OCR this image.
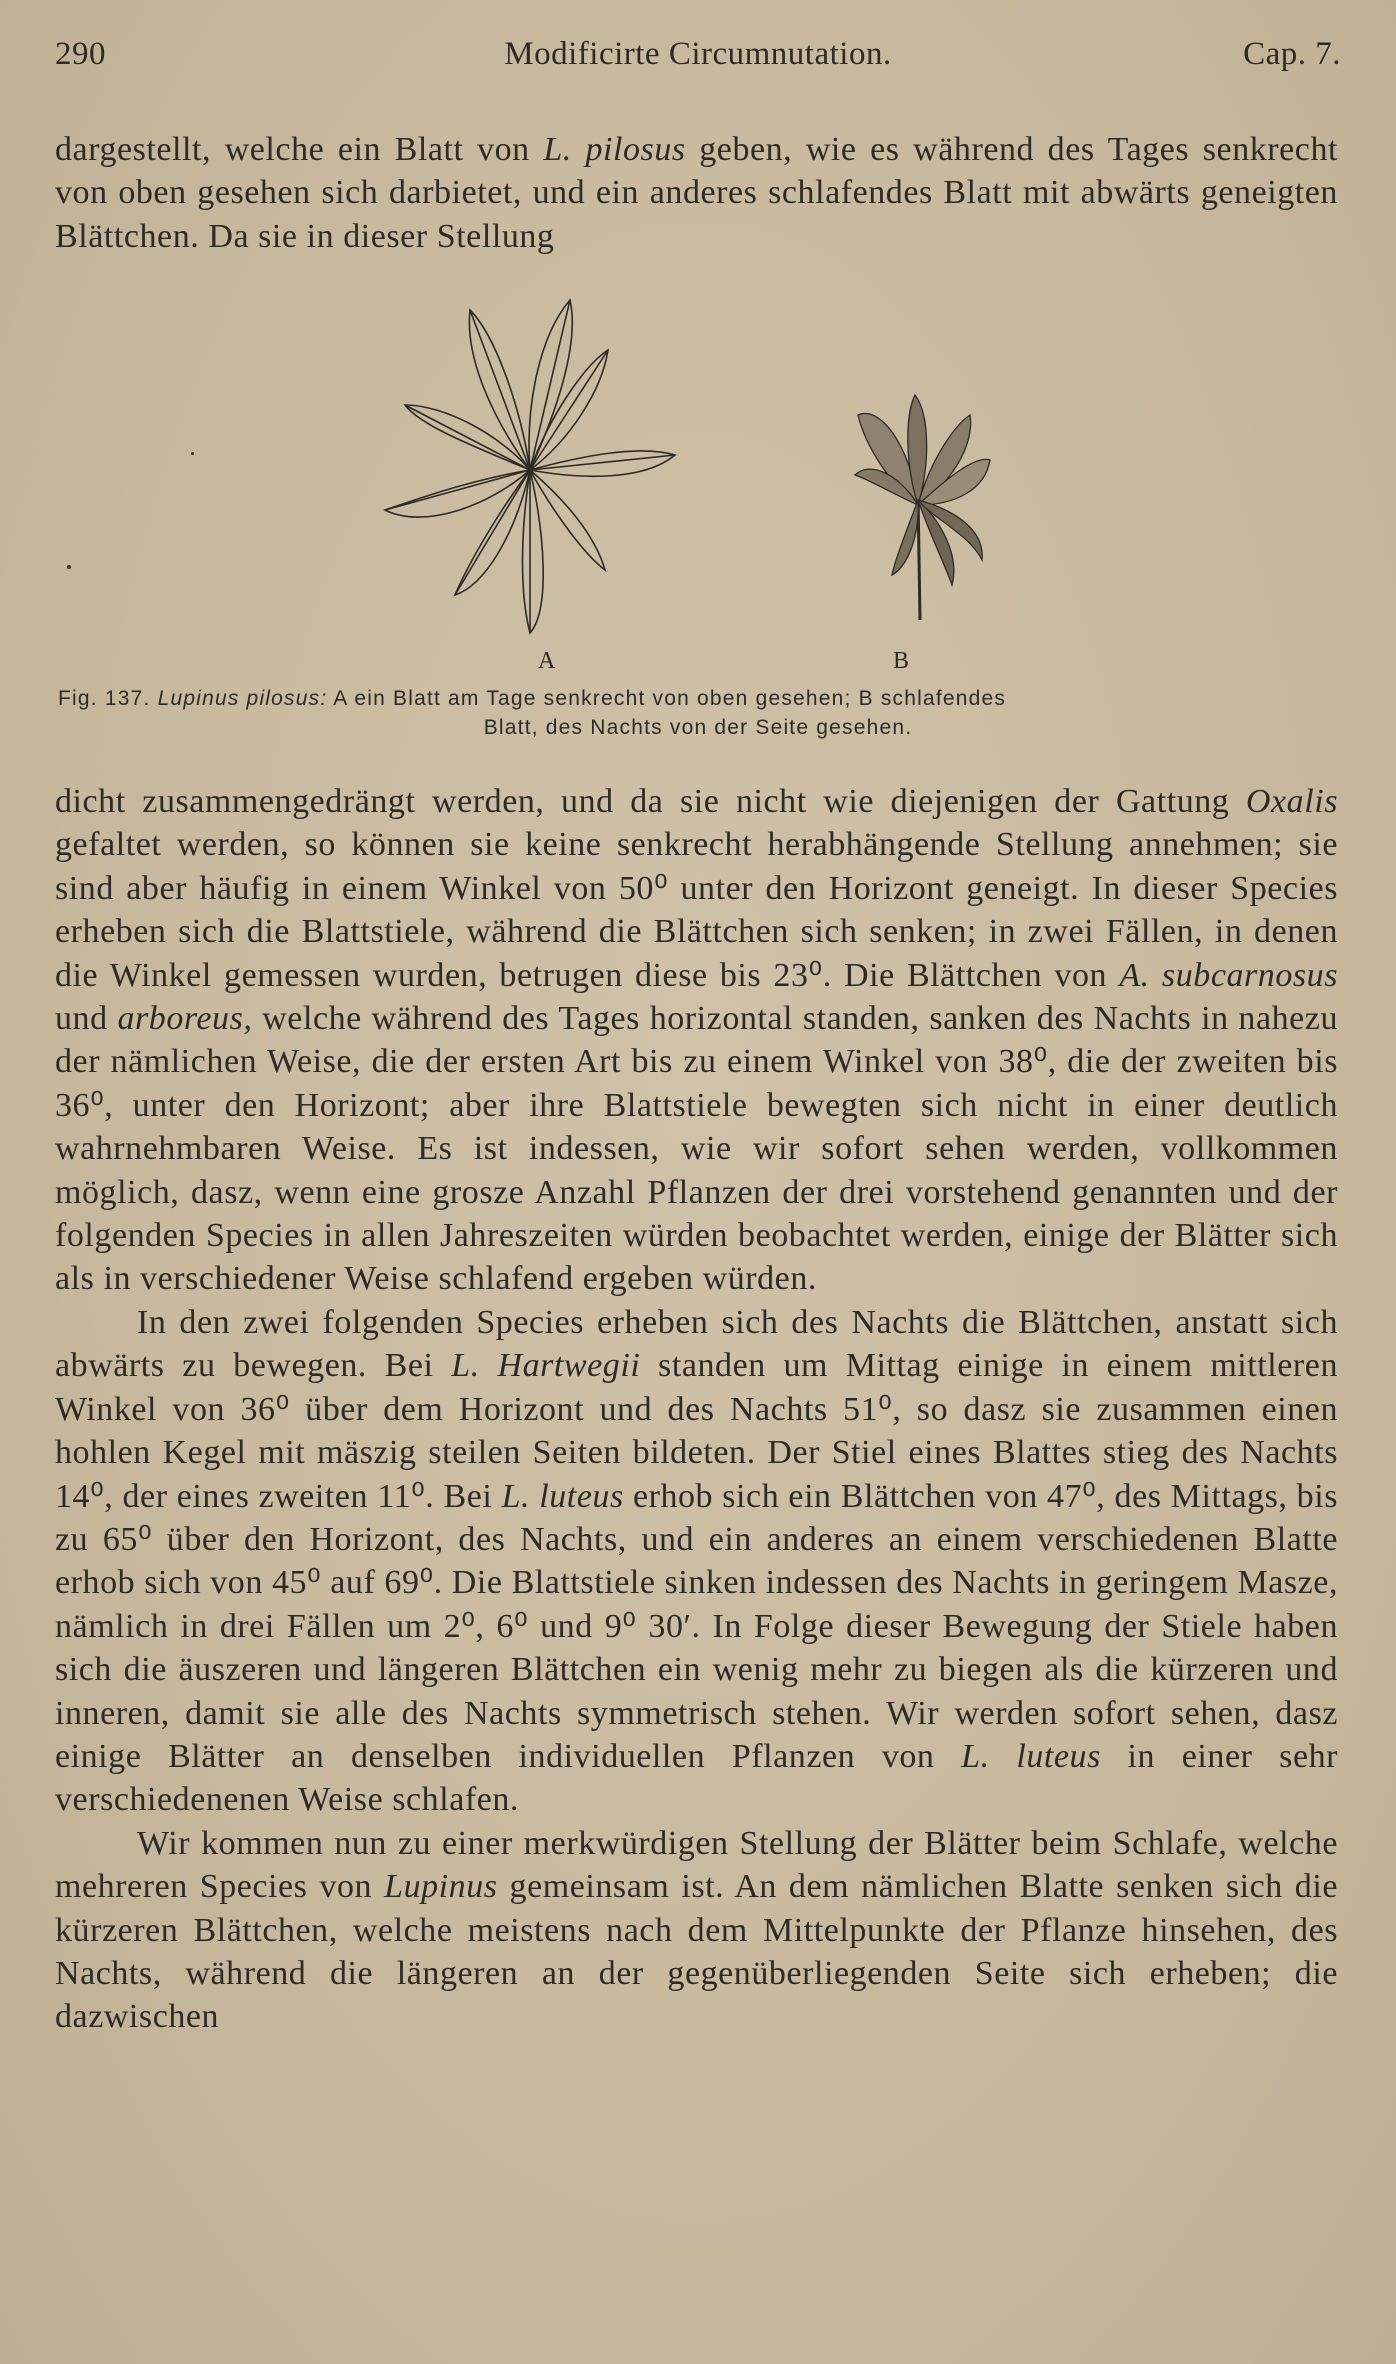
290	Modificirte Circumnutation.	Cap. 7.

dargestellt, welche ein Blatt von L. pilosus geben, wie es während des Tages senkrecht von oben gesehen sich darbietet, und ein anderes schlafendes Blatt mit abwärts geneigten Blättchen. Da sie in dieser Stellung

A	B
Fig. 137. Lupinus pilosus: A ein Blatt am Tage senkrecht von oben gesehen; B schlafendes
Blatt, des Nachts von der Seite gesehen.

dicht zusammengedrängt werden, und da sie nicht wie diejenigen der Gattung Oxalis gefaltet werden, so können sie keine senkrecht herabhängende Stellung annehmen; sie sind aber häufig in einem Winkel von 50⁰ unter den Horizont geneigt. In dieser Species erheben sich die Blattstiele, während die Blättchen sich senken; in zwei Fällen, in denen die Winkel gemessen wurden, betrugen diese bis 23⁰. Die Blättchen von A. subcarnosus und arboreus, welche während des Tages horizontal standen, sanken des Nachts in nahezu der nämlichen Weise, die der ersten Art bis zu einem Winkel von 38⁰, die der zweiten bis 36⁰, unter den Horizont; aber ihre Blattstiele bewegten sich nicht in einer deutlich wahrnehmbaren Weise. Es ist indessen, wie wir sofort sehen werden, vollkommen möglich, dasz, wenn eine grosze Anzahl Pflanzen der drei vorstehend genannten und der folgenden Species in allen Jahreszeiten würden beobachtet werden, einige der Blätter sich als in verschiedener Weise schlafend ergeben würden.

In den zwei folgenden Species erheben sich des Nachts die Blättchen, anstatt sich abwärts zu bewegen. Bei L. Hartwegii standen um Mittag einige in einem mittleren Winkel von 36⁰ über dem Horizont und des Nachts 51⁰, so dasz sie zusammen einen hohlen Kegel mit mäszig steilen Seiten bildeten. Der Stiel eines Blattes stieg des Nachts 14⁰, der eines zweiten 11⁰. Bei L. luteus erhob sich ein Blättchen von 47⁰, des Mittags, bis zu 65⁰ über den Horizont, des Nachts, und ein anderes an einem verschiedenen Blatte erhob sich von 45⁰ auf 69⁰. Die Blattstiele sinken indessen des Nachts in geringem Masze, nämlich in drei Fällen um 2⁰, 6⁰ und 9⁰ 30′. In Folge dieser Bewegung der Stiele haben sich die äuszeren und längeren Blättchen ein wenig mehr zu biegen als die kürzeren und inneren, damit sie alle des Nachts symmetrisch stehen. Wir werden sofort sehen, dasz einige Blätter an denselben individuellen Pflanzen von L. luteus in einer sehr verschiedenenen Weise schlafen.

Wir kommen nun zu einer merkwürdigen Stellung der Blätter beim Schlafe, welche mehreren Species von Lupinus gemeinsam ist. An dem nämlichen Blatte senken sich die kürzeren Blättchen, welche meistens nach dem Mittelpunkte der Pflanze hinsehen, des Nachts, während die längeren an der gegenüberliegenden Seite sich erheben; die dazwischen
